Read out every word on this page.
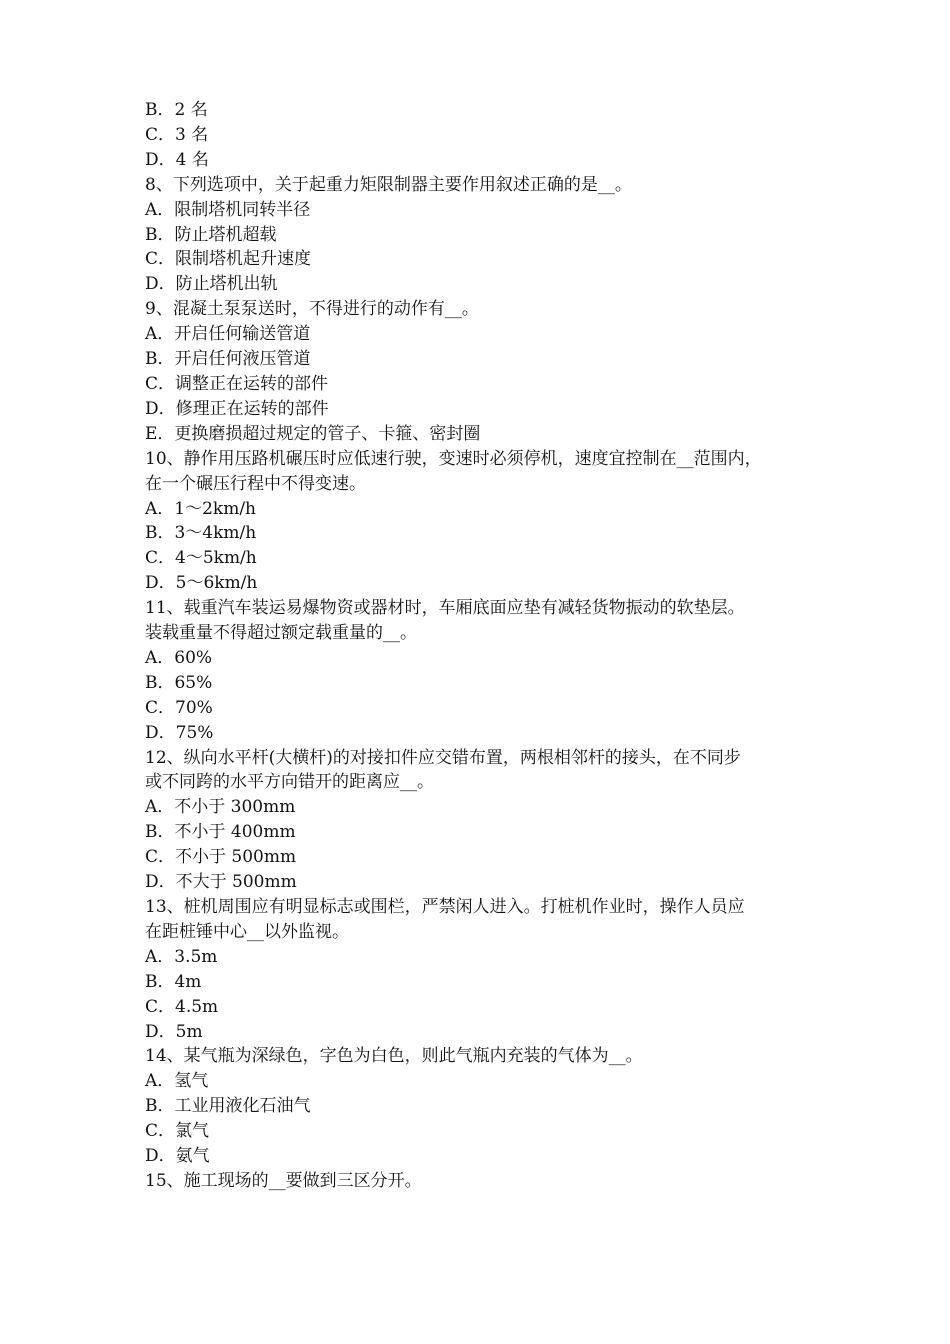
B．2 名

C．3 名

D．4 名

8、下列选项中，关于起重力矩限制器主要作用叙述正确的是__。

A．限制塔机同转半径

B．防止塔机超载

C．限制塔机起升速度

D．防止塔机出轨

9、混凝土泵泵送时，不得进行的动作有__。

A．开启任何输送管道

B．开启任何液压管道

C．调整正在运转的部件

D．修理正在运转的部件

E．更换磨损超过规定的管子、卡箍、密封圈

10、静作用压路机碾压时应低速行驶，变速时必须停机，速度宜控制在__范围内，

在一个碾压行程中不得变速。

A．1～2km/h

B．3～4km/h

C．4～5km/h

D．5～6km/h

11、载重汽车装运易爆物资或器材时，车厢底面应垫有减轻货物振动的软垫层。

装载重量不得超过额定载重量的__。

A．60%

B．65%

C．70%

D．75%

12、纵向水平杆(大横杆)的对接扣件应交错布置，两根相邻杆的接头，在不同步

或不同跨的水平方向错开的距离应__。

A．不小于 300mm

B．不小于 400mm

C．不小于 500mm

D．不大于 500mm

13、桩机周围应有明显标志或围栏，严禁闲人进入。打桩机作业时，操作人员应

在距桩锤中心__以外监视。

A．3.5m

B．4m

C．4.5m

D．5m

14、某气瓶为深绿色，字色为白色，则此气瓶内充装的气体为__。

A．氢气

B．工业用液化石油气

C．氯气

D．氨气

15、施工现场的__要做到三区分开。
